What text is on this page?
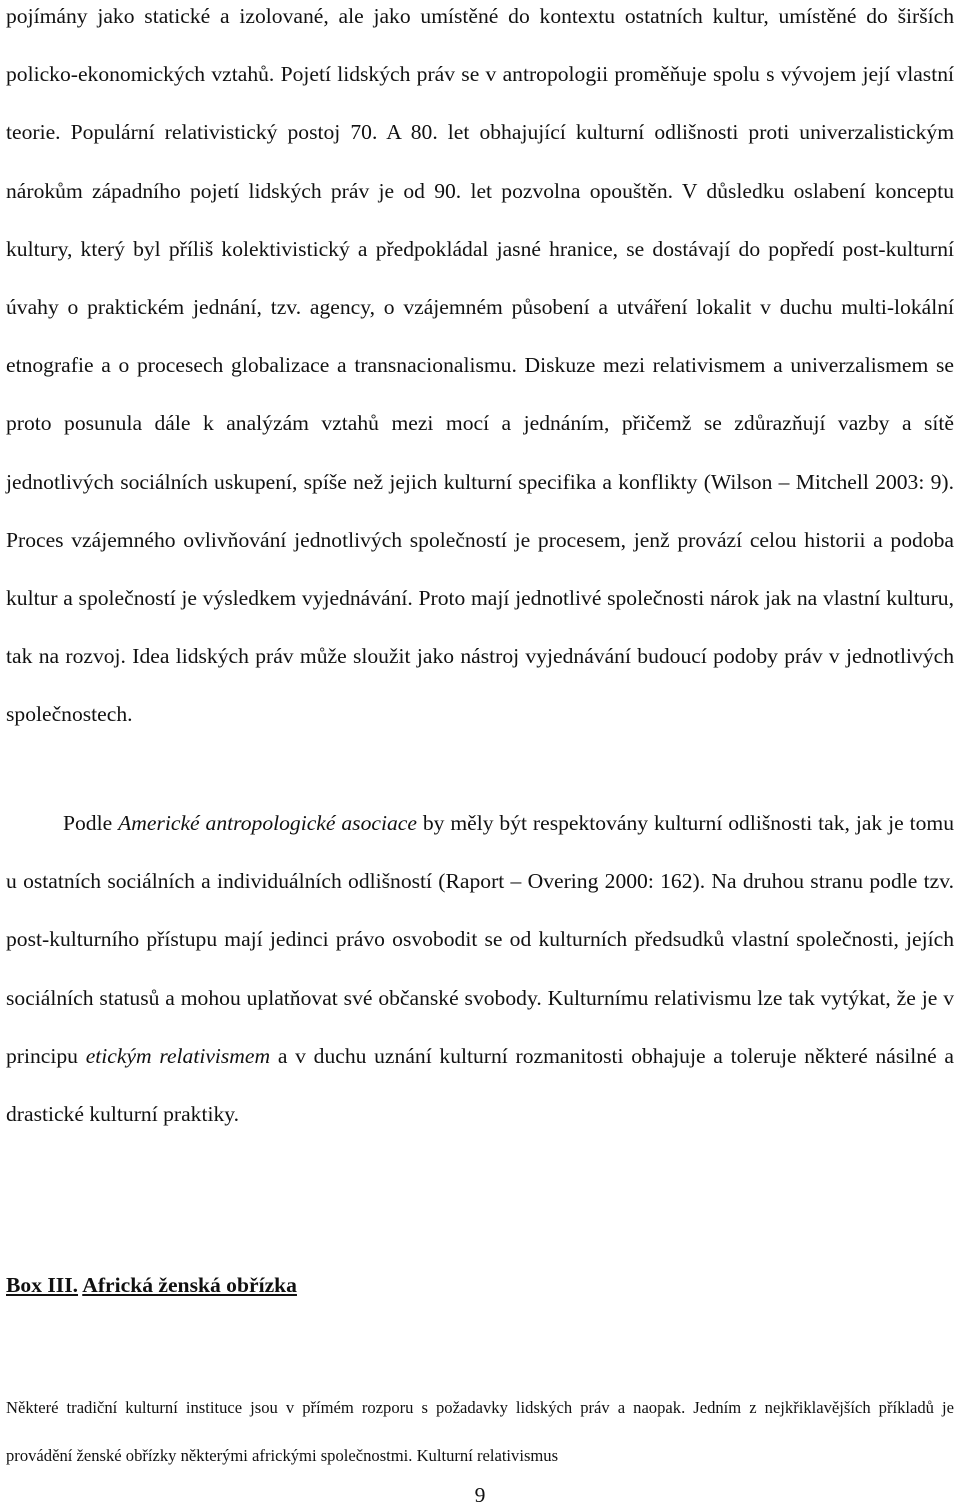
pojímány jako statické a izolované, ale jako umístěné do kontextu ostatních kultur, umístěné do širších policko-ekonomických vztahů. Pojetí lidských práv se v antropologii proměňuje spolu s vývojem její vlastní teorie. Populární relativistický postoj 70. A 80. let obhajující kulturní odlišnosti proti univerzalistickým nárokům západního pojetí lidských práv je od 90. let pozvolna opouštěn. V důsledku oslabení konceptu kultury, který byl příliš kolektivistický a předpokládal jasné hranice, se dostávají do popředí post-kulturní úvahy o praktickém jednání, tzv. agency, o vzájemném působení a utváření lokalit v duchu multi-lokální etnografie a o procesech globalizace a transnacionalismu. Diskuze mezi relativismem a univerzalismem se proto posunula dále k analýzám vztahů mezi mocí a jednáním, přičemž se zdůrazňují vazby a sítě jednotlivých sociálních uskupení, spíše než jejich kulturní specifika a konflikty (Wilson – Mitchell 2003: 9). Proces vzájemného ovlivňování jednotlivých společností je procesem, jenž provází celou historii a podoba kultur a společností je výsledkem vyjednávání. Proto mají jednotlivé společnosti nárok jak na vlastní kulturu, tak na rozvoj. Idea lidských práv může sloužit jako nástroj vyjednávání budoucí podoby práv v jednotlivých společnostech.

Podle Americké antropologické asociace by měly být respektovány kulturní odlišnosti tak, jak je tomu u ostatních sociálních a individuálních odlišností (Raport – Overing 2000: 162). Na druhou stranu podle tzv. post-kulturního přístupu mají jedinci právo osvobodit se od kulturních předsudků vlastní společnosti, jejích sociálních statusů a mohou uplatňovat své občanské svobody. Kulturnímu relativismu lze tak vytýkat, že je v principu etickým relativismem a v duchu uznání kulturní rozmanitosti obhajuje a toleruje některé násilné a drastické kulturní praktiky.

Box III. Africká ženská obřízka

Některé tradiční kulturní instituce jsou v přímém rozporu s požadavky lidských práv a naopak. Jedním z nejkřiklavějších příkladů je provádění ženské obřízky některými africkými společnostmi. Kulturní relativismus

9
